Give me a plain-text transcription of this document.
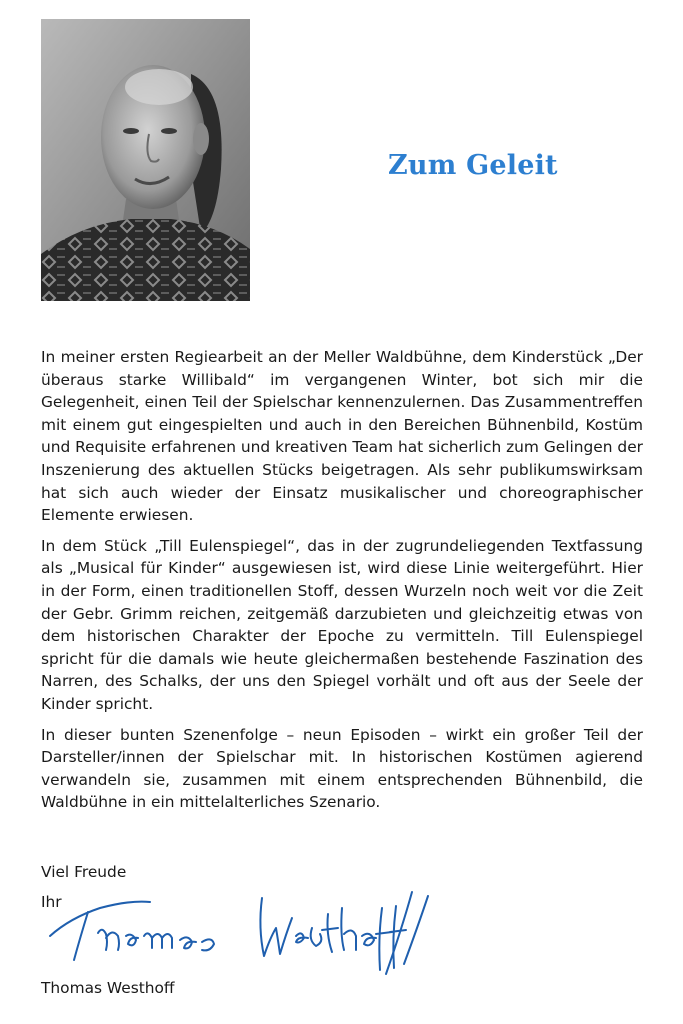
Zum Geleit

In meiner ersten Regiearbeit an der Meller Waldbühne, dem Kinderstück „Der überaus starke Willibald“ im vergangenen Winter, bot sich mir die Gelegenheit, einen Teil der Spielschar kennenzulernen. Das Zusammentreffen mit einem gut eingespielten und auch in den Bereichen Bühnenbild, Kostüm und Requisite erfahrenen und kreativen Team hat sicherlich zum Gelingen der Inszenierung des aktuellen Stücks beigetragen. Als sehr publikumswirksam hat sich auch wieder der Einsatz musikalischer und choreographischer Elemente erwiesen.

In dem Stück „Till Eulenspiegel“, das in der zugrundeliegenden Textfassung als „Musical für Kinder“ ausgewiesen ist, wird diese Linie weitergeführt. Hier in der Form, einen traditionellen Stoff, dessen Wurzeln noch weit vor die Zeit der Gebr. Grimm reichen, zeitgemäß darzubieten und gleichzeitig etwas von dem historischen Charakter der Epoche zu vermitteln. Till Eulenspiegel spricht für die damals wie heute gleichermaßen bestehende Faszination des Narren, des Schalks, der uns den Spiegel vorhält und oft aus der Seele der Kinder spricht.

In dieser bunten Szenenfolge – neun Episoden – wirkt ein großer Teil der Darsteller/innen der Spielschar mit. In historischen Kostümen agierend verwandeln sie, zusammen mit einem entsprechenden Bühnenbild, die Waldbühne in ein mittelalterliches Szenario.

Viel Freude
Ihr
Thomas Westhoff
